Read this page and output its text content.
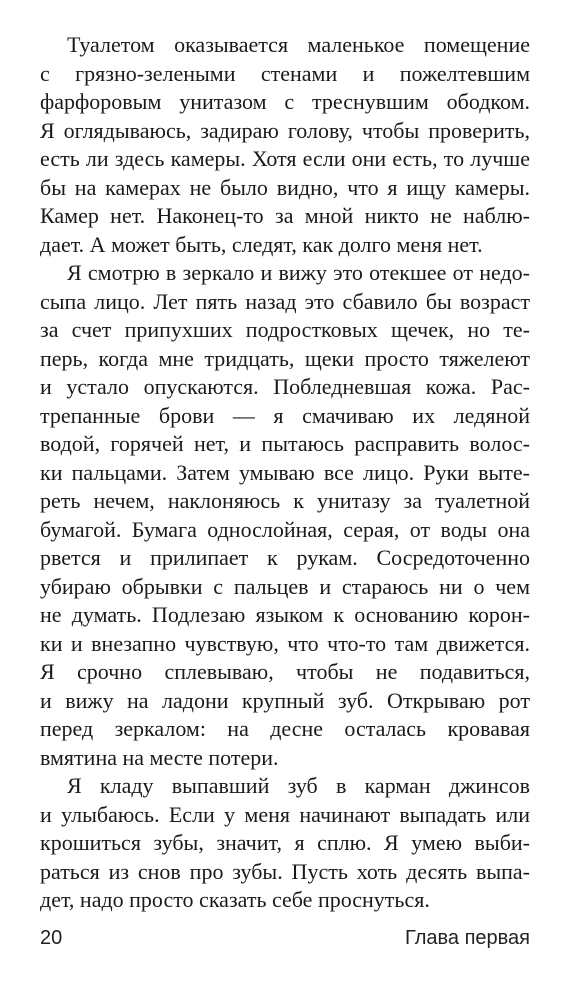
Туалетом оказывается маленькое помещение
с грязно-зелеными стенами и пожелтевшим
фарфоровым унитазом с треснувшим ободком.
Я оглядываюсь, задираю голову, чтобы проверить,
есть ли здесь камеры. Хотя если они есть, то лучше
бы на камерах не было видно, что я ищу камеры.
Камер нет. Наконец-то за мной никто не наблю-
дает. А может быть, следят, как долго меня нет.
Я смотрю в зеркало и вижу это отекшее от недо-
сыпа лицо. Лет пять назад это сбавило бы возраст
за счет припухших подростковых щечек, но те-
перь, когда мне тридцать, щеки просто тяжелеют
и устало опускаются. Побледневшая кожа. Рас-
трепанные брови — я смачиваю их ледяной
водой, горячей нет, и пытаюсь расправить волос-
ки пальцами. Затем умываю все лицо. Руки выте-
реть нечем, наклоняюсь к унитазу за туалетной
бумагой. Бумага однослойная, серая, от воды она
рвется и прилипает к рукам. Сосредоточенно
убираю обрывки с пальцев и стараюсь ни о чем
не думать. Подлезаю языком к основанию корон-
ки и внезапно чувствую, что что-то там движется.
Я срочно сплевываю, чтобы не подавиться,
и вижу на ладони крупный зуб. Открываю рот
перед зеркалом: на десне осталась кровавая
вмятина на месте потери.
Я кладу выпавший зуб в карман джинсов
и улыбаюсь. Если у меня начинают выпадать или
крошиться зубы, значит, я сплю. Я умею выби-
раться из снов про зубы. Пусть хоть десять выпа-
дет, надо просто сказать себе проснуться.
20	Глава первая
